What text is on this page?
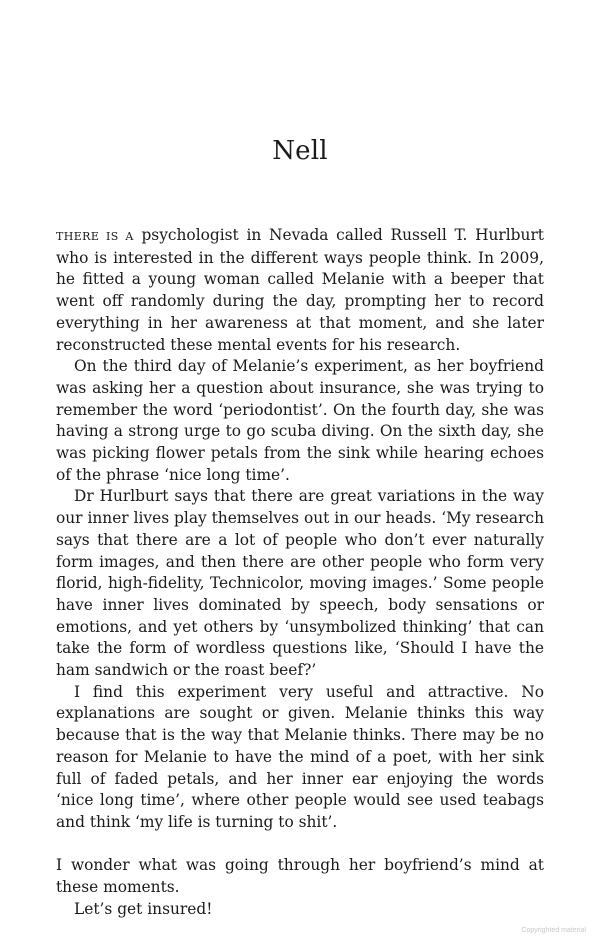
Nell

THERE IS A psychologist in Nevada called Russell T. Hurlburt who is interested in the different ways people think. In 2009, he fitted a young woman called Melanie with a beeper that went off randomly during the day, prompting her to record everything in her awareness at that moment, and she later reconstructed these mental events for his research.

On the third day of Melanie’s experiment, as her boyfriend was asking her a question about insurance, she was trying to remember the word ‘periodontist’. On the fourth day, she was having a strong urge to go scuba diving. On the sixth day, she was picking flower petals from the sink while hearing echoes of the phrase ‘nice long time’.

Dr Hurlburt says that there are great variations in the way our inner lives play themselves out in our heads. ‘My research says that there are a lot of people who don’t ever naturally form images, and then there are other people who form very florid, high-fidelity, Technicolor, moving images.’ Some people have inner lives dominated by speech, body sensations or emotions, and yet others by ‘unsymbolized thinking’ that can take the form of wordless questions like, ‘Should I have the ham sandwich or the roast beef?’

I find this experiment very useful and attractive. No explanations are sought or given. Melanie thinks this way because that is the way that Melanie thinks. There may be no reason for Melanie to have the mind of a poet, with her sink full of faded petals, and her inner ear enjoying the words ‘nice long time’, where other people would see used teabags and think ‘my life is turning to shit’.

I wonder what was going through her boyfriend’s mind at these moments.

Let’s get insured!

Copyrighted material
